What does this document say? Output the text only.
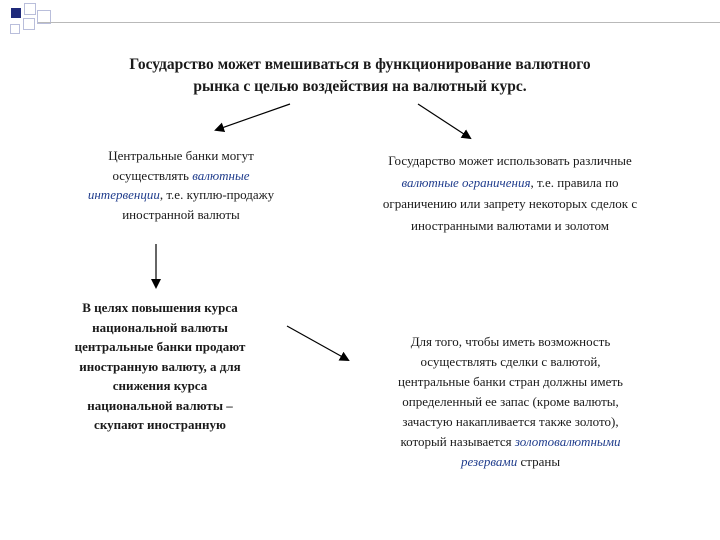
Государство может вмешиваться в функционирование валютного
рынка с целью воздействия на валютный курс.
Центральные банки могут
осуществлять валютные
интервенции, т.е. куплю-продажу
иностранной валюты
Государство может использовать различные
валютные ограничения, т.е. правила по
ограничению или запрету некоторых сделок с
иностранными валютами и золотом
В целях повышения курса
национальной валюты
центральные банки продают
иностранную валюту, а для
снижения курса
национальной валюты –
скупают иностранную
Для того, чтобы иметь возможность
осуществлять сделки с валютой,
центральные банки стран должны иметь
определенный ее запас (кроме валюты,
зачастую накапливается также золото),
который называется золотовалютными
резервами страны
